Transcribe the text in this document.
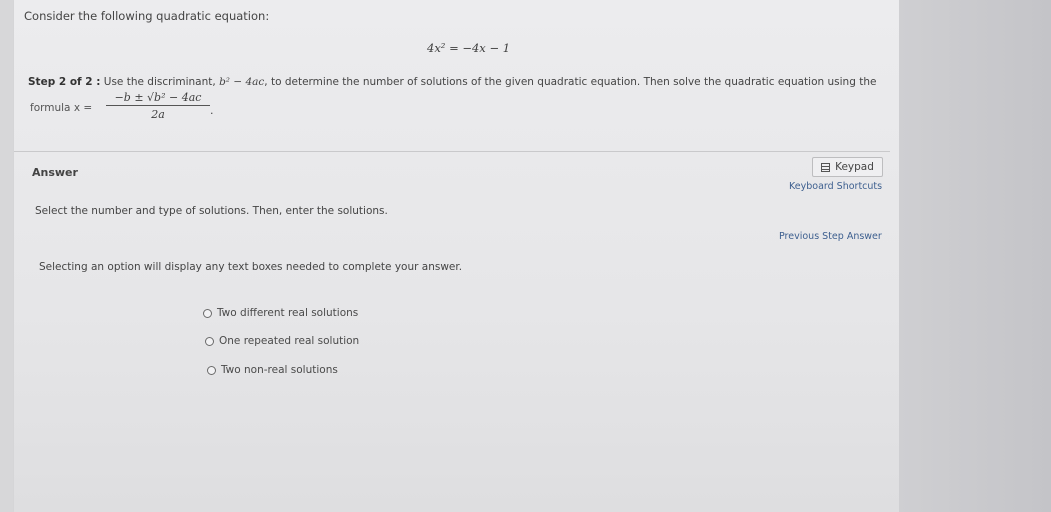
Consider the following quadratic equation:
4x² = −4x − 1
Step 2 of 2 : Use the discriminant, b² − 4ac, to determine the number of solutions of the given quadratic equation. Then solve the quadratic equation using the
formula x =
−b ± √b² − 4ac
2a	.
Answer	Keypad
Keyboard Shortcuts
Previous Step Answer
Select the number and type of solutions. Then, enter the solutions.
Selecting an option will display any text boxes needed to complete your answer.
Two different real solutions
One repeated real solution
Two non-real solutions
